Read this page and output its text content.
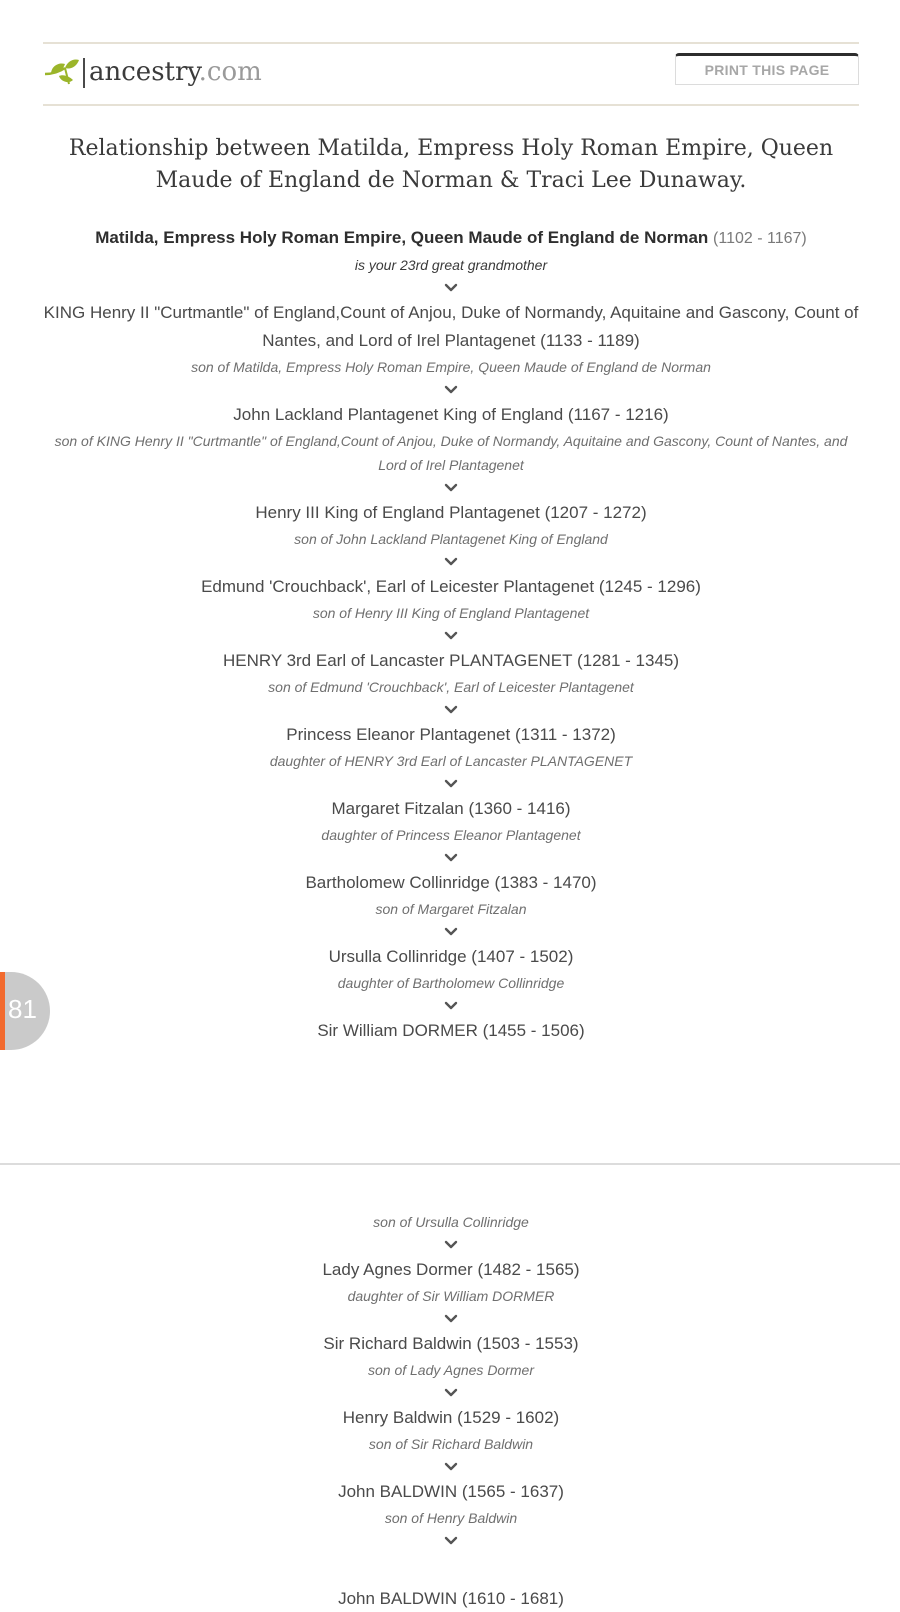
ancestry.com	PRINT THIS PAGE
Relationship between Matilda, Empress Holy Roman Empire, Queen Maude of England de Norman & Traci Lee Dunaway.
Matilda, Empress Holy Roman Empire, Queen Maude of England de Norman (1102 - 1167)
is your 23rd great grandmother
KING Henry II "Curtmantle" of England,Count of Anjou, Duke of Normandy, Aquitaine and Gascony, Count of Nantes, and Lord of Irel Plantagenet (1133 - 1189)
son of Matilda, Empress Holy Roman Empire, Queen Maude of England de Norman
John Lackland Plantagenet King of England (1167 - 1216)
son of KING Henry II "Curtmantle" of England,Count of Anjou, Duke of Normandy, Aquitaine and Gascony, Count of Nantes, and Lord of Irel Plantagenet
Henry III King of England Plantagenet (1207 - 1272)
son of John Lackland Plantagenet King of England
Edmund 'Crouchback', Earl of Leicester Plantagenet (1245 - 1296)
son of Henry III King of England Plantagenet
HENRY 3rd Earl of Lancaster PLANTAGENET (1281 - 1345)
son of Edmund 'Crouchback', Earl of Leicester Plantagenet
Princess Eleanor Plantagenet (1311 - 1372)
daughter of HENRY 3rd Earl of Lancaster PLANTAGENET
Margaret Fitzalan (1360 - 1416)
daughter of Princess Eleanor Plantagenet
Bartholomew Collinridge (1383 - 1470)
son of Margaret Fitzalan
Ursulla Collinridge (1407 - 1502)
daughter of Bartholomew Collinridge
Sir William DORMER (1455 - 1506)
son of Ursulla Collinridge
Lady Agnes Dormer (1482 - 1565)
daughter of Sir William DORMER
Sir Richard Baldwin (1503 - 1553)
son of Lady Agnes Dormer
Henry Baldwin (1529 - 1602)
son of Sir Richard Baldwin
John BALDWIN (1565 - 1637)
son of Henry Baldwin
John BALDWIN (1610 - 1681)
81
